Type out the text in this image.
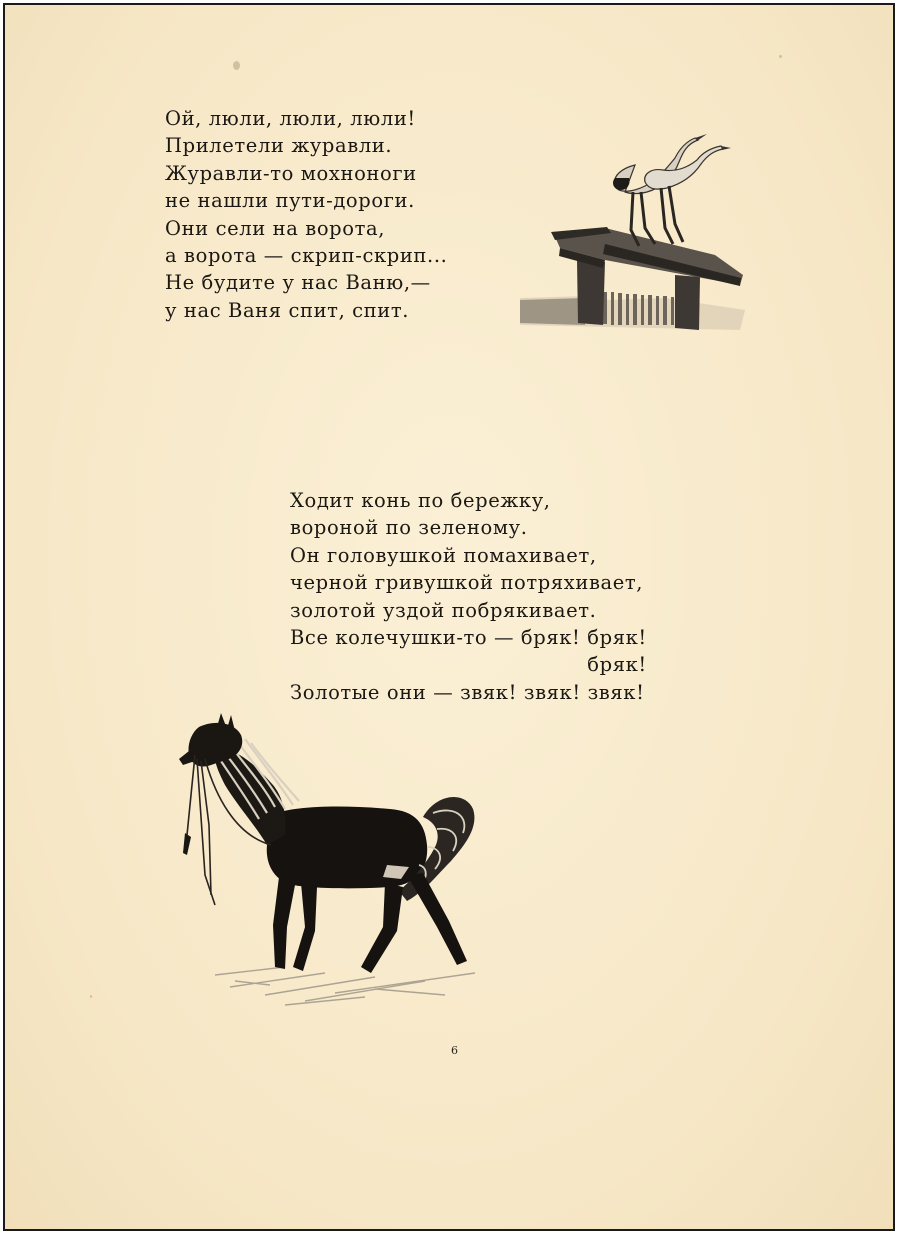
Ой, люли, люли, люли!
Прилетели журавли.
Журавли-то мохноноги
не нашли пути-дороги.
Они сели на ворота,
а ворота — скрип-скрип...
Не будите у нас Ваню,—
у нас Ваня спит, спит.
Ходит конь по бережку,
вороной по зеленому.
Он головушкой помахивает,
черной гривушкой потряхивает,
золотой уздой побрякивает.
Все колечушки-то — бряк! бряк!
бряк!
Золотые они — звяк! звяк! звяк!
6
